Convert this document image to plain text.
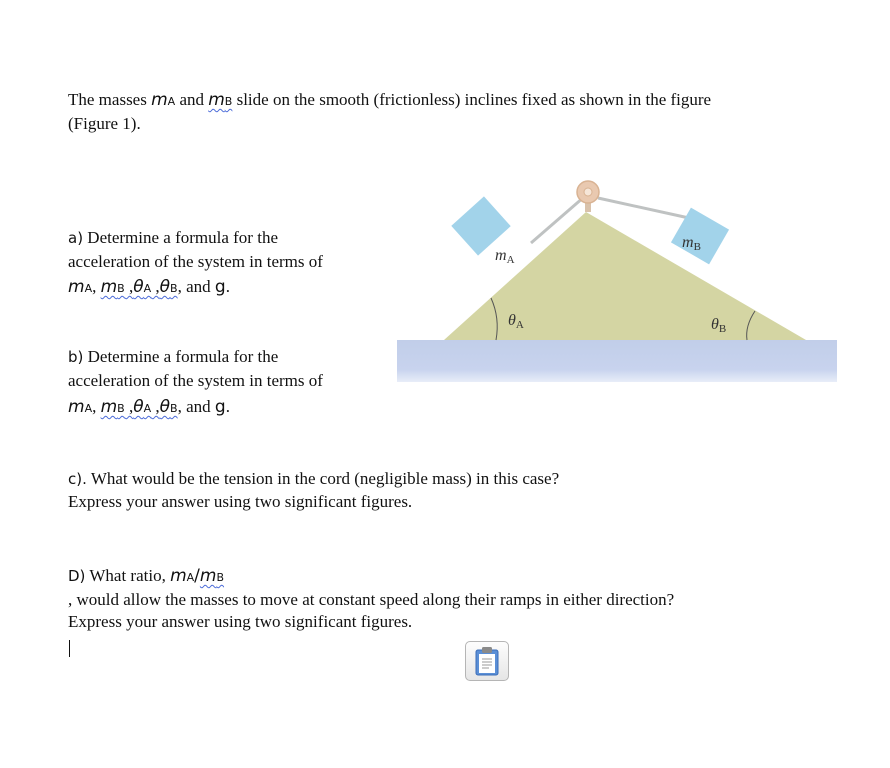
The masses mA and mB slide on the smooth (frictionless) inclines fixed as shown in the figure
(Figure 1).
a) Determine a formula for the
acceleration of the system in terms of
mA, mB ,θA ,θB, and g.
b) Determine a formula for the
acceleration of the system in terms of
mA, mB ,θA ,θB, and g.
c). What would be the tension in the cord (negligible mass) in this case?
Express your answer using two significant figures.
D) What ratio, mA/mB
, would allow the masses to move at constant speed along their ramps in either direction?
Express your answer using two significant figures.
mA
mB
θA	θB
